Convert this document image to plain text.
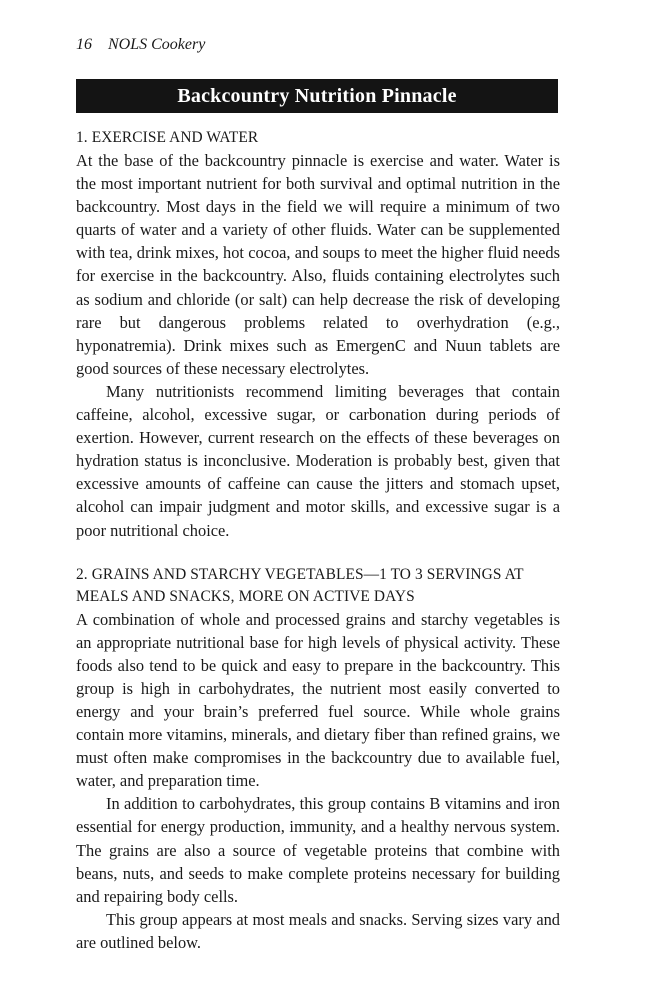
16 NOLS Cookery
Backcountry Nutrition Pinnacle
1. EXERCISE AND WATER

At the base of the backcountry pinnacle is exercise and water. Water is the most important nutrient for both survival and optimal nutrition in the backcountry. Most days in the field we will require a minimum of two quarts of water and a variety of other fluids. Water can be supplemented with tea, drink mixes, hot cocoa, and soups to meet the higher fluid needs for exercise in the backcountry. Also, fluids containing electrolytes such as sodium and chloride (or salt) can help decrease the risk of developing rare but dangerous problems related to overhydration (e.g., hyponatremia). Drink mixes such as EmergenC and Nuun tablets are good sources of these necessary electrolytes.

Many nutritionists recommend limiting beverages that contain caffeine, alcohol, excessive sugar, or carbonation during periods of exertion. However, current research on the effects of these beverages on hydration status is inconclusive. Moderation is probably best, given that excessive amounts of caffeine can cause the jitters and stomach upset, alcohol can impair judgment and motor skills, and excessive sugar is a poor nutritional choice.

2. GRAINS AND STARCHY VEGETABLES—1 TO 3 SERVINGS AT MEALS AND SNACKS, MORE ON ACTIVE DAYS

A combination of whole and processed grains and starchy vegetables is an appropriate nutritional base for high levels of physical activity. These foods also tend to be quick and easy to prepare in the backcountry. This group is high in carbohydrates, the nutrient most easily converted to energy and your brain’s preferred fuel source. While whole grains contain more vitamins, minerals, and dietary fiber than refined grains, we must often make compromises in the backcountry due to available fuel, water, and preparation time.

In addition to carbohydrates, this group contains B vitamins and iron essential for energy production, immunity, and a healthy nervous system. The grains are also a source of vegetable proteins that combine with beans, nuts, and seeds to make complete proteins necessary for building and repairing body cells.

This group appears at most meals and snacks. Serving sizes vary and are outlined below.
